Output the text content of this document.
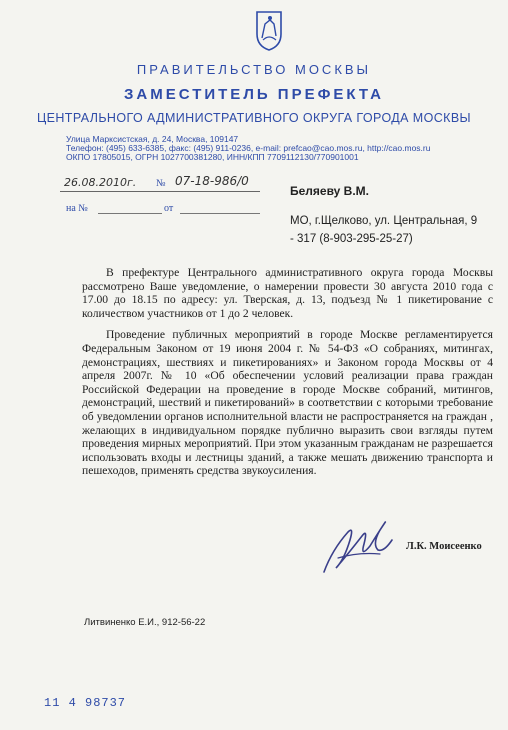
ПРАВИТЕЛЬСТВО МОСКВЫ
ЗАМЕСТИТЕЛЬ ПРЕФЕКТА
ЦЕНТРАЛЬНОГО АДМИНИСТРАТИВНОГО ОКРУГА ГОРОДА МОСКВЫ
Улица Марксистская, д. 24, Москва, 109147
Телефон: (495) 633-6385, факс: (495) 911-0236, e-mail: prefcao@cao.mos.ru, http://cao.mos.ru
ОКПО 17805015, ОГРН 1027700381280, ИНН/КПП 7709112130/770901001
26.08.2010г. № 07-18-986/0
на №	от
Беляеву В.М.
МО, г.Щелково, ул. Центральная, 9 - 317 (8-903-295-25-27)

В префектуре Центрального административного округа города Москвы рассмотрено Ваше уведомление, о намерении провести 30 августа 2010 года с 17.00 до 18.15 по адресу: ул. Тверская, д. 13, подъезд № 1 пикетирование с количеством участников от 1 до 2 человек.

Проведение публичных мероприятий в городе Москве регламентируется Федеральным Законом от 19 июня 2004 г. № 54-ФЗ «О собраниях, митингах, демонстрациях, шествиях и пикетированиях» и Законом города Москвы от 4 апреля 2007г. № 10 «Об обеспечении условий реализации права граждан Российской Федерации на проведение в городе Москве собраний, митингов, демонстраций, шествий и пикетирований» в соответствии с которыми требование об уведомлении органов исполнительной власти не распространяется на граждан , желающих в индивидуальном порядке публично выразить свои взгляды путем проведения мирных мероприятий. При этом указанным гражданам не разрешается использовать входы и лестницы зданий, а также мешать движению транспорта и пешеходов, применять средства звукоусиления.

Л.К. Моисеенко
Литвиненко Е.И., 912-56-22
11 4 98737
